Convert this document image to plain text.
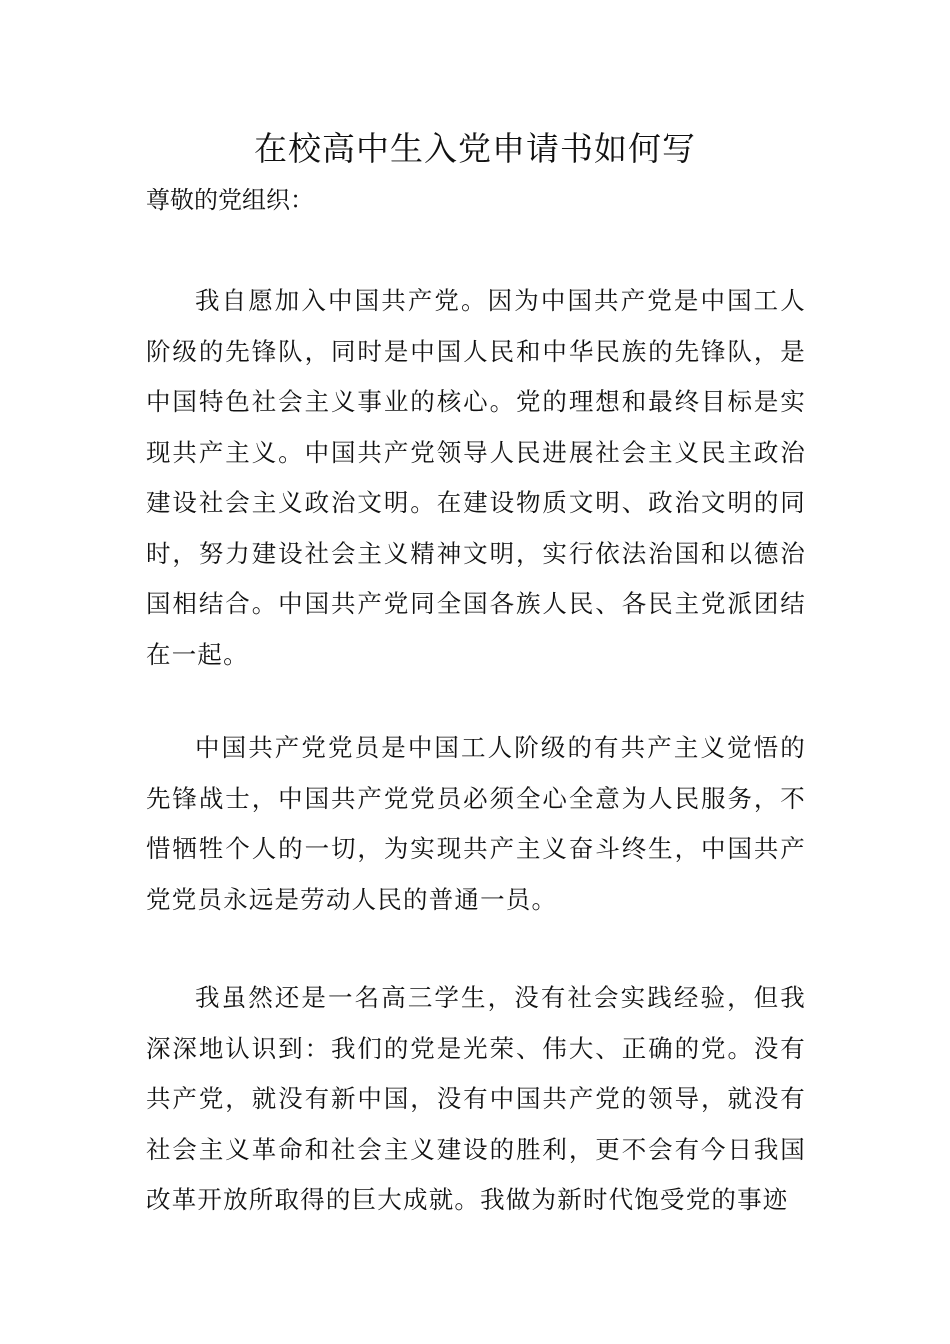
在校高中生入党申请书如何写

尊敬的党组织：

我自愿加入中国共产党。因为中国共产党是中国工人阶级的先锋队，同时是中国人民和中华民族的先锋队，是中国特色社会主义事业的核心。党的理想和最终目标是实现共产主义。中国共产党领导人民进展社会主义民主政治建设社会主义政治文明。在建设物质文明、政治文明的同时，努力建设社会主义精神文明，实行依法治国和以德治国相结合。中国共产党同全国各族人民、各民主党派团结在一起。

中国共产党党员是中国工人阶级的有共产主义觉悟的先锋战士，中国共产党党员必须全心全意为人民服务，不惜牺牲个人的一切，为实现共产主义奋斗终生，中国共产党党员永远是劳动人民的普通一员。

我虽然还是一名高三学生，没有社会实践经验，但我深深地认识到：我们的党是光荣、伟大、正确的党。没有共产党，就没有新中国，没有中国共产党的领导，就没有社会主义革命和社会主义建设的胜利，更不会有今日我国改革开放所取得的巨大成就。我做为新时代饱受党的事迹
